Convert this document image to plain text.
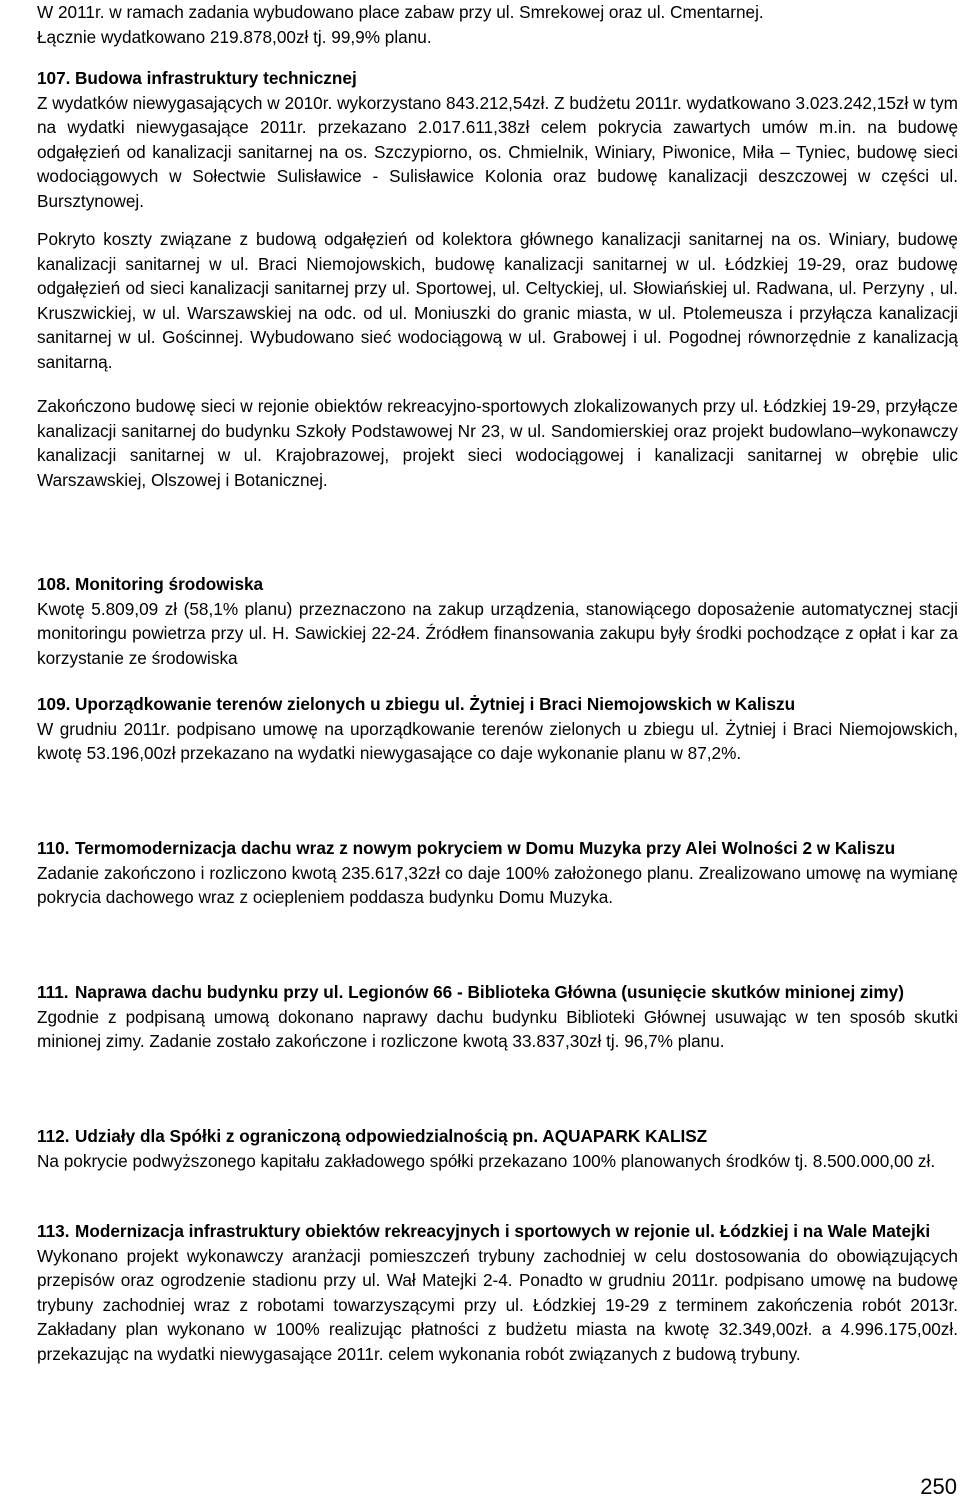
W 2011r. w ramach zadania wybudowano place zabaw przy ul. Smrekowej oraz ul. Cmentarnej.

Łącznie wydatkowano 219.878,00zł tj. 99,9% planu.

107. Budowa infrastruktury technicznej

Z wydatków niewygasających w 2010r. wykorzystano 843.212,54zł. Z budżetu 2011r. wydatkowano 3.023.242,15zł w tym na wydatki niewygasające 2011r. przekazano 2.017.611,38zł celem pokrycia zawartych umów m.in. na budowę odgałęzień od kanalizacji sanitarnej na os. Szczypiorno, os. Chmielnik, Winiary, Piwonice, Miła – Tyniec, budowę sieci wodociągowych w Sołectwie Sulisławice - Sulisławice Kolonia oraz budowę kanalizacji deszczowej w części ul. Bursztynowej.

Pokryto koszty związane z budową odgałęzień od kolektora głównego kanalizacji sanitarnej na os. Winiary, budowę kanalizacji sanitarnej w ul. Braci Niemojowskich, budowę kanalizacji sanitarnej w ul. Łódzkiej 19-29, oraz budowę odgałęzień od sieci kanalizacji sanitarnej przy ul. Sportowej, ul. Celtyckiej, ul. Słowiańskiej ul. Radwana, ul. Perzyny , ul. Kruszwickiej, w ul. Warszawskiej na odc. od ul. Moniuszki do granic miasta, w ul. Ptolemeusza i przyłącza kanalizacji sanitarnej w ul. Gościnnej. Wybudowano sieć wodociągową w ul. Grabowej i ul. Pogodnej równorzędnie z kanalizacją sanitarną.

Zakończono budowę sieci w rejonie obiektów rekreacyjno-sportowych zlokalizowanych przy ul. Łódzkiej 19-29, przyłącze kanalizacji sanitarnej do budynku Szkoły Podstawowej Nr 23, w ul. Sandomierskiej oraz projekt budowlano–wykonawczy kanalizacji sanitarnej w ul. Krajobrazowej, projekt sieci wodociągowej i kanalizacji sanitarnej w obrębie ulic Warszawskiej, Olszowej i Botanicznej.

108. Monitoring środowiska

Kwotę 5.809,09 zł (58,1% planu) przeznaczono na zakup urządzenia, stanowiącego doposażenie automatycznej stacji monitoringu powietrza przy ul. H. Sawickiej 22-24. Źródłem finansowania zakupu były środki pochodzące z opłat i kar za korzystanie ze środowiska

109. Uporządkowanie terenów zielonych u zbiegu ul. Żytniej i Braci Niemojowskich w Kaliszu

W grudniu 2011r. podpisano umowę na uporządkowanie terenów zielonych u zbiegu ul. Żytniej i Braci Niemojowskich, kwotę 53.196,00zł przekazano na wydatki niewygasające co daje wykonanie planu w 87,2%.

110. Termomodernizacja dachu wraz z nowym pokryciem w Domu Muzyka przy Alei Wolności 2 w Kaliszu

Zadanie zakończono i rozliczono kwotą 235.617,32zł co daje 100% założonego planu. Zrealizowano umowę na wymianę pokrycia dachowego wraz z ociepleniem poddasza budynku Domu Muzyka.

111. Naprawa dachu budynku przy ul. Legionów 66 - Biblioteka Główna (usunięcie skutków minionej zimy)

Zgodnie z podpisaną umową dokonano naprawy dachu budynku Biblioteki Głównej usuwając w ten sposób skutki minionej zimy. Zadanie zostało zakończone i rozliczone kwotą 33.837,30zł tj. 96,7% planu.

112. Udziały dla Spółki z ograniczoną odpowiedzialnością pn. AQUAPARK KALISZ

Na pokrycie podwyższonego kapitału zakładowego spółki przekazano 100% planowanych środków tj. 8.500.000,00 zł.

113. Modernizacja infrastruktury obiektów rekreacyjnych i sportowych w rejonie ul. Łódzkiej i na Wale Matejki

Wykonano projekt wykonawczy aranżacji pomieszczeń trybuny zachodniej w celu dostosowania do obowiązujących przepisów oraz ogrodzenie stadionu przy ul. Wał Matejki 2-4. Ponadto w grudniu 2011r. podpisano umowę na budowę trybuny zachodniej wraz z robotami towarzyszącymi przy ul. Łódzkiej 19-29 z terminem zakończenia robót 2013r. Zakładany plan wykonano w 100% realizując płatności z budżetu miasta na kwotę 32.349,00zł. a 4.996.175,00zł. przekazując na wydatki niewygasające 2011r. celem wykonania robót związanych z budową trybuny.

250
